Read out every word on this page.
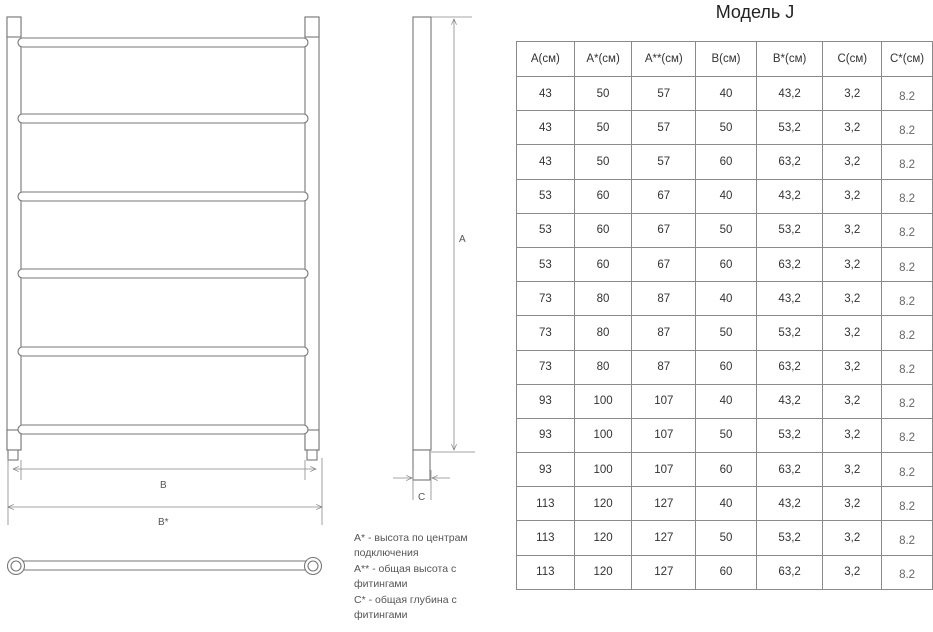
B
B*
A
C
Модель J
A(см)	A*(см)	A**(см)	B(см)	B*(см)	C(см)	C*(см)
43	50	57	40	43,2	3,2	8.2
43	50	57	50	53,2	3,2	8.2
43	50	57	60	63,2	3,2	8.2
53	60	67	40	43,2	3,2	8.2
53	60	67	50	53,2	3,2	8.2
53	60	67	60	63,2	3,2	8.2
73	80	87	40	43,2	3,2	8.2
73	80	87	50	53,2	3,2	8.2
73	80	87	60	63,2	3,2	8.2
93	100	107	40	43,2	3,2	8.2
93	100	107	50	53,2	3,2	8.2
93	100	107	60	63,2	3,2	8.2
113	120	127	40	43,2	3,2	8.2
113	120	127	50	53,2	3,2	8.2
113	120	127	60	63,2	3,2	8.2

A* - высота по центрам подключения

A** - общая высота с фитингами

C* - общая глубина с фитингами
